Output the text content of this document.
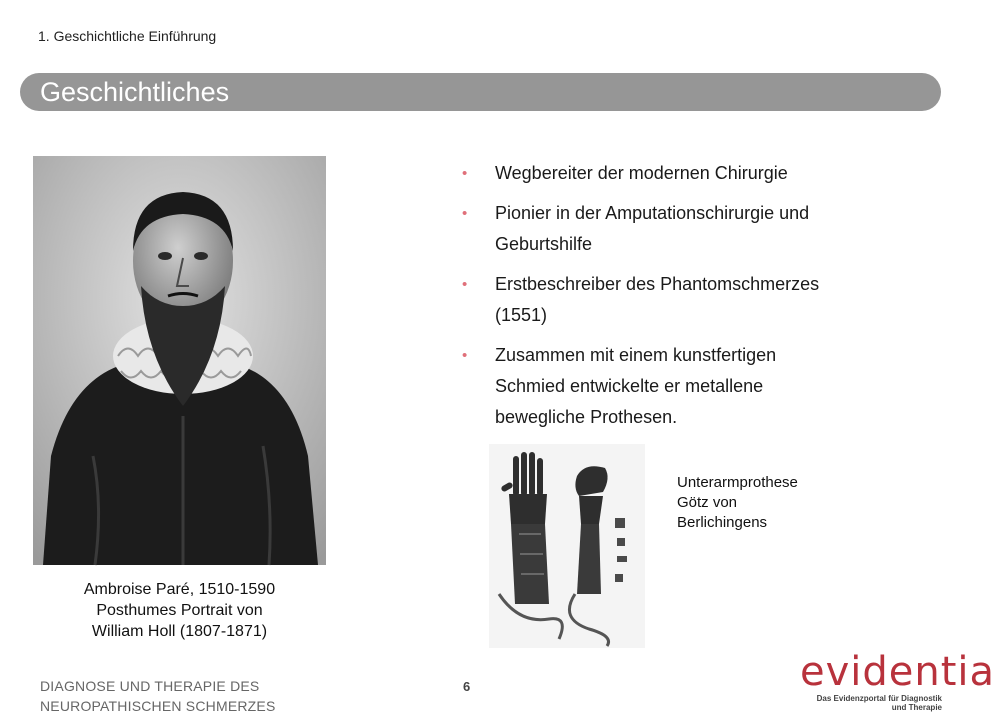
1. Geschichtliche Einführung
Geschichtliches
Ambroise Paré, 1510-1590
Posthumes Portrait von
William Holl (1807-1871)
• Wegbereiter der modernen Chirurgie
• Pionier in der Amputationschirurgie und
Geburtshilfe
• Erstbeschreiber des Phantomschmerzes
(1551)
• Zusammen mit einem kunstfertigen
Schmied entwickelte er metallene
bewegliche Prothesen.
Unterarmprothese
Götz von
Berlichingens
DIAGNOSE UND THERAPIE DES
NEUROPATHISCHEN SCHMERZES
6	evidentia
Das Evidenzportal für Diagnostik
und Therapie
